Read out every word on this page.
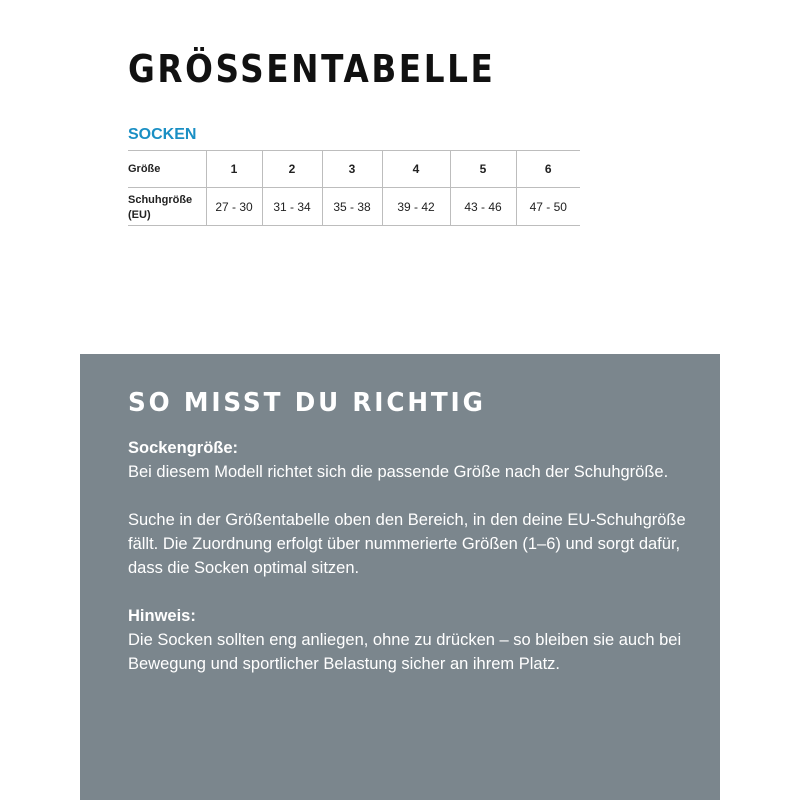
GRÖSSENTABELLE
SOCKEN
Größe	1	2	3	4	5	6
Schuhgröße
(EU)	27 - 30	31 - 34	35 - 38	39 - 42	43 - 46	47 - 50
SO MISST DU RICHTIG

Sockengröße:
Bei diesem Modell richtet sich die passende Größe nach der Schuhgröße.

Suche in der Größentabelle oben den Bereich, in den deine EU-Schuhgröße fällt. Die Zuordnung erfolgt über nummerierte Größen (1–6) und sorgt dafür, dass die Socken optimal sitzen.

Hinweis:
Die Socken sollten eng anliegen, ohne zu drücken – so bleiben sie auch bei Bewegung und sportlicher Belastung sicher an ihrem Platz.
